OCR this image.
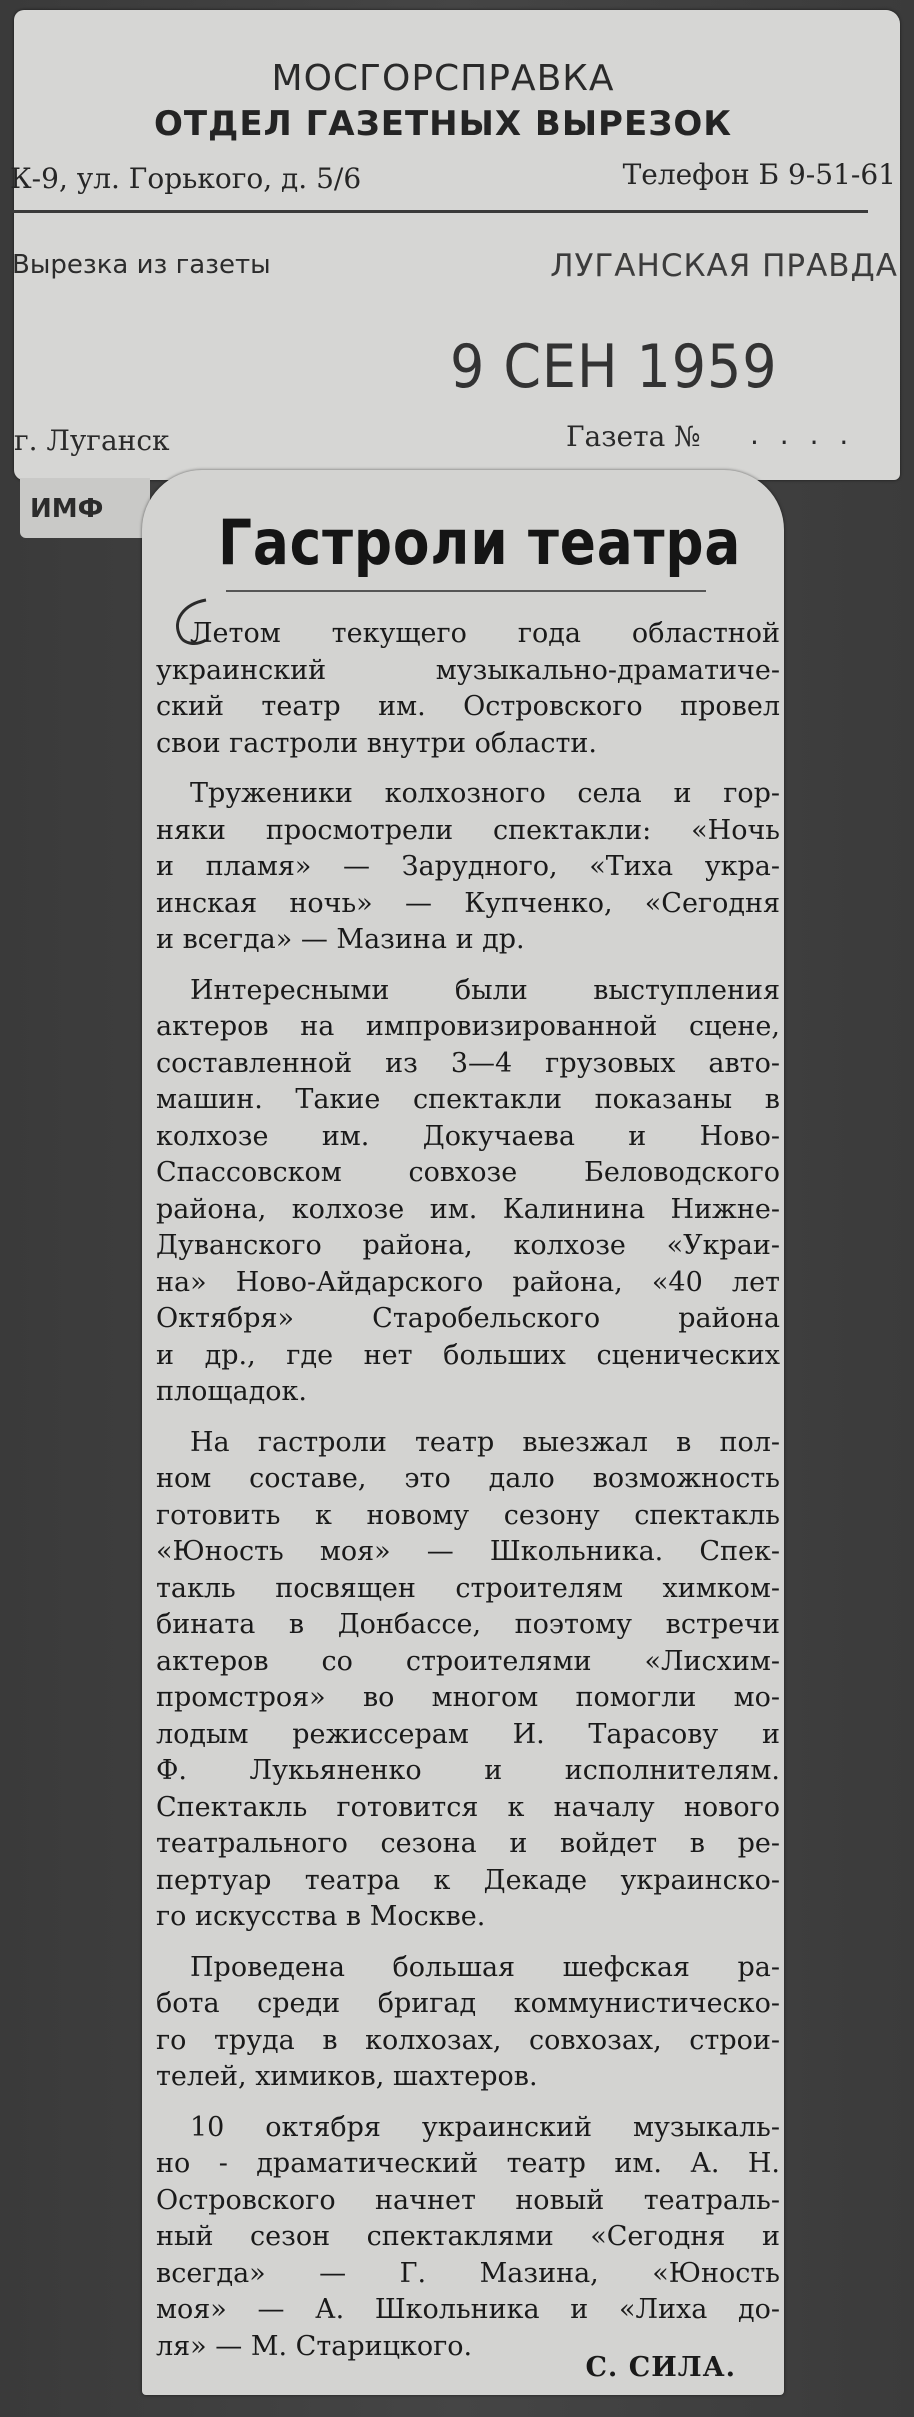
МОСГОРСПРАВКА
ОТДЕЛ ГАЗЕТНЫХ ВЫРЕЗОК
К-9, ул. Горького, д. 5/6	Телефон Б 9-51-61
Вырезка из газеты	ЛУГАНСКАЯ ПРАВДА
9 СЕН 1959
г. Луганск	Газета № . . . .
ИМФ Гастроли театра
Летом текущего года областной
украинский музыкально-драматиче-
ский театр им. Островского провел
свои гастроли внутри области.
Труженики колхозного села и гор-
няки просмотрели спектакли: «Ночь
и пламя» — Зарудного, «Тиха укра-
инская ночь» — Купченко, «Сегодня
и всегда» — Мазина и др.
Интересными были выступления
актеров на импровизированной сцене,
составленной из 3—4 грузовых авто-
машин. Такие спектакли показаны в
колхозе им. Докучаева и Ново-
Спассовском совхозе Беловодского
района, колхозе им. Калинина Нижне-
Дуванского района, колхозе «Украи-
на» Ново-Айдарского района, «40 лет
Октября» Старобельского района
и др., где нет больших сценических
площадок.
На гастроли театр выезжал в пол-
ном составе, это дало возможность
готовить к новому сезону спектакль
«Юность моя» — Школьника. Спек-
такль посвящен строителям химком-
бината в Донбассе, поэтому встречи
актеров со строителями «Лисхим-
промстроя» во многом помогли мо-
лодым режиссерам И. Тарасову и
Ф. Лукьяненко и исполнителям.
Спектакль готовится к началу нового
театрального сезона и войдет в ре-
пертуар театра к Декаде украинско-
го искусства в Москве.
Проведена большая шефская ра-
бота среди бригад коммунистическо-
го труда в колхозах, совхозах, строи-
телей, химиков, шахтеров.
10 октября украинский музыкаль-
но - драматический театр им. А. Н.
Островского начнет новый театраль-
ный сезон спектаклями «Сегодня и
всегда» — Г. Мазина, «Юность
моя» — А. Школьника и «Лиха до-
ля» — М. Старицкого.
С. СИЛА.
